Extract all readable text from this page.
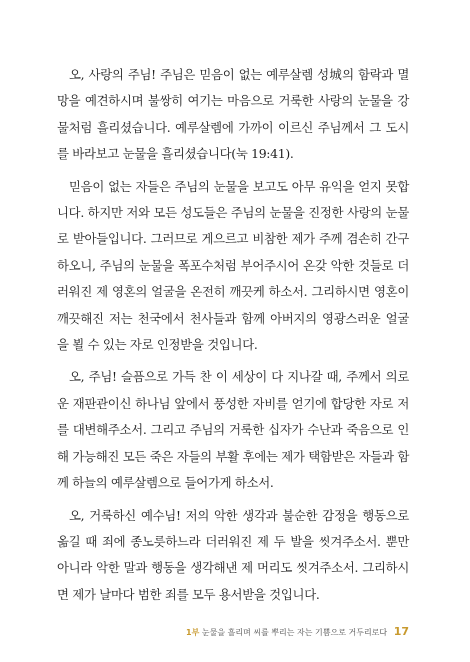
오, 사랑의 주님! 주님은 믿음이 없는 예루살렘 성城의 함락과 멸망을 예견하시며 불쌍히 여기는 마음으로 거룩한 사랑의 눈물을 강물처럼 흘리셨습니다. 예루살렘에 가까이 이르신 주님께서 그 도시를 바라보고 눈물을 흘리셨습니다(눅 19:41).

믿음이 없는 자들은 주님의 눈물을 보고도 아무 유익을 얻지 못합니다. 하지만 저와 모든 성도들은 주님의 눈물을 진정한 사랑의 눈물로 받아들입니다. 그러므로 게으르고 비참한 제가 주께 겸손히 간구하오니, 주님의 눈물을 폭포수처럼 부어주시어 온갖 악한 것들로 더러워진 제 영혼의 얼굴을 온전히 깨끗케 하소서. 그리하시면 영혼이 깨끗해진 저는 천국에서 천사들과 함께 아버지의 영광스러운 얼굴을 뵐 수 있는 자로 인정받을 것입니다.

오, 주님! 슬픔으로 가득 찬 이 세상이 다 지나갈 때, 주께서 의로운 재판관이신 하나님 앞에서 풍성한 자비를 얻기에 합당한 자로 저를 대변해주소서. 그리고 주님의 거룩한 십자가 수난과 죽음으로 인해 가능해진 모든 죽은 자들의 부활 후에는 제가 택함받은 자들과 함께 하늘의 예루살렘으로 들어가게 하소서.

오, 거룩하신 예수님! 저의 악한 생각과 불순한 감정을 행동으로 옮길 때 죄에 종노릇하느라 더러워진 제 두 발을 씻겨주소서. 뿐만 아니라 악한 말과 행동을 생각해낸 제 머리도 씻겨주소서. 그리하시면 제가 날마다 범한 죄를 모두 용서받을 것입니다.

1부 눈물을 흘리며 씨를 뿌리는 자는 기쁨으로 거두리로다 17
